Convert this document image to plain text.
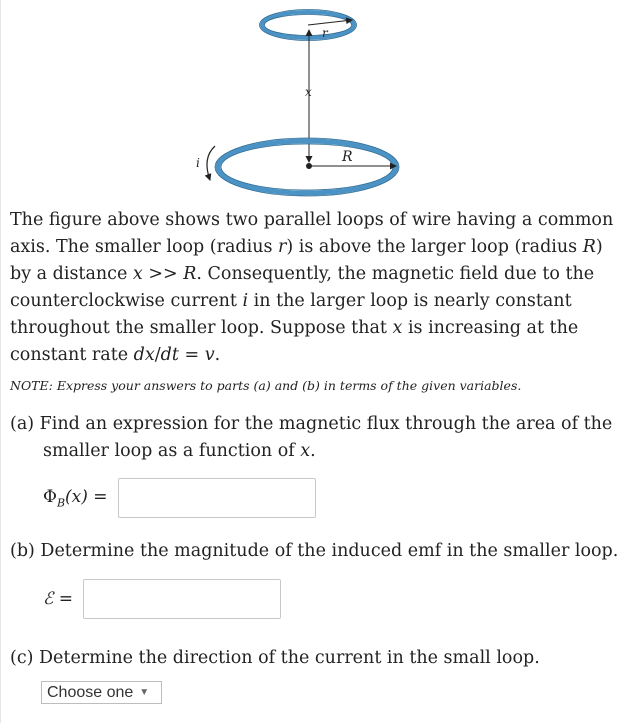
r
x
R
i
The figure above shows two parallel loops of wire having a common axis. The smaller loop (radius r) is above the larger loop (radius R) by a distance x >> R. Consequently, the magnetic field due to the counterclockwise current i in the larger loop is nearly constant throughout the smaller loop. Suppose that x is increasing at the constant rate dx/dt = v.
NOTE: Express your answers to parts (a) and (b) in terms of the given variables.
(a) Find an expression for the magnetic flux through the area of the
smaller loop as a function of x.
$\Phi_B(x)$ =
(b) Determine the magnitude of the induced emf in the smaller loop.
ℰ =
(c) Determine the direction of the current in the small loop.
Choose one ▼
